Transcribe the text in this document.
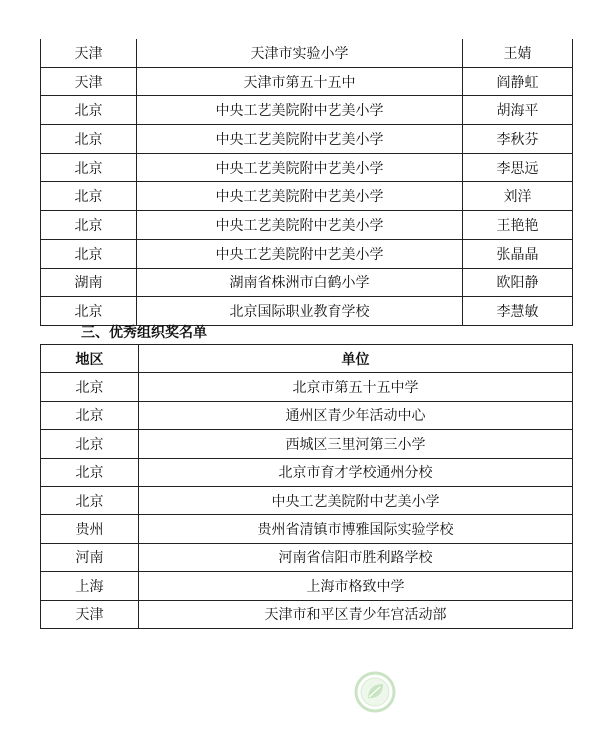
天津	天津市实验小学	王婧
天津	天津市第五十五中	阎静虹
北京	中央工艺美院附中艺美小学	胡海平
北京	中央工艺美院附中艺美小学	李秋芬
北京	中央工艺美院附中艺美小学	李思远
北京	中央工艺美院附中艺美小学	刘洋
北京	中央工艺美院附中艺美小学	王艳艳
北京	中央工艺美院附中艺美小学	张晶晶
湖南	湖南省株洲市白鹤小学	欧阳静
北京	北京国际职业教育学校	李慧敏
三、优秀组织奖名单
地区	单位
北京	北京市第五十五中学
北京	通州区青少年活动中心
北京	西城区三里河第三小学
北京	北京市育才学校通州分校
北京	中央工艺美院附中艺美小学
贵州	贵州省清镇市博雅国际实验学校
河南	河南省信阳市胜利路学校
上海	上海市格致中学
天津	天津市和平区青少年宫活动部
